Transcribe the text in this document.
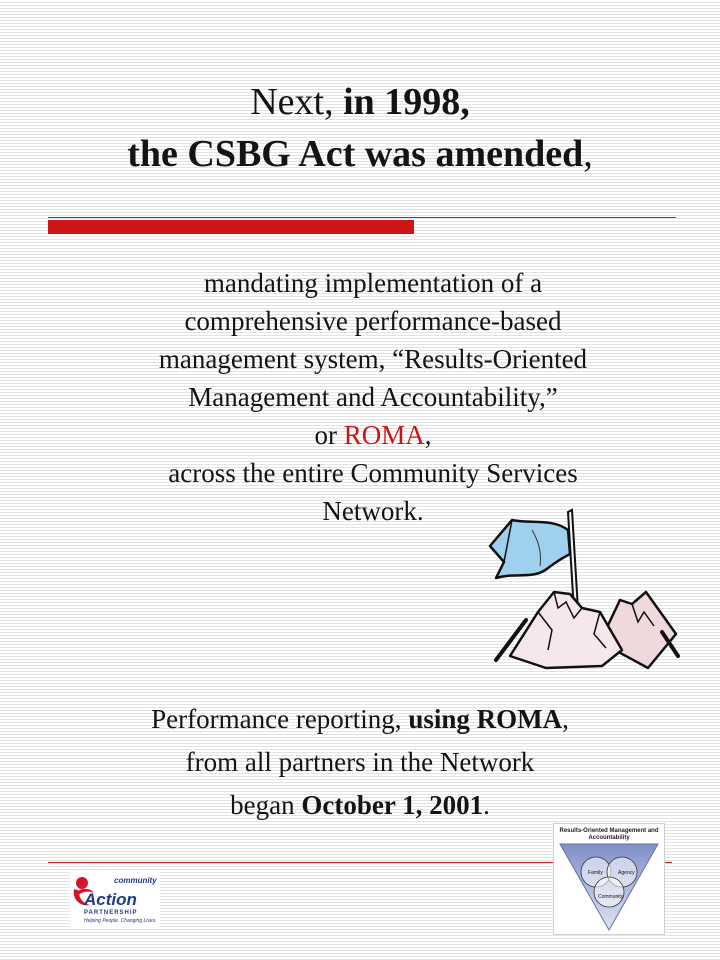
Next, in 1998,
the CSBG Act was amended,
mandating implementation of a
comprehensive performance-based
management system, “Results-Oriented
Management and Accountability,”
or ROMA,
across the entire Community Services
Network.
Performance reporting, using ROMA,
from all partners in the Network
began October 1, 2001.
community
Action
PARTNERSHIP
Helping People. Changing Lives.
Results-Oriented Management and Accountability
Family	Agency
Community
